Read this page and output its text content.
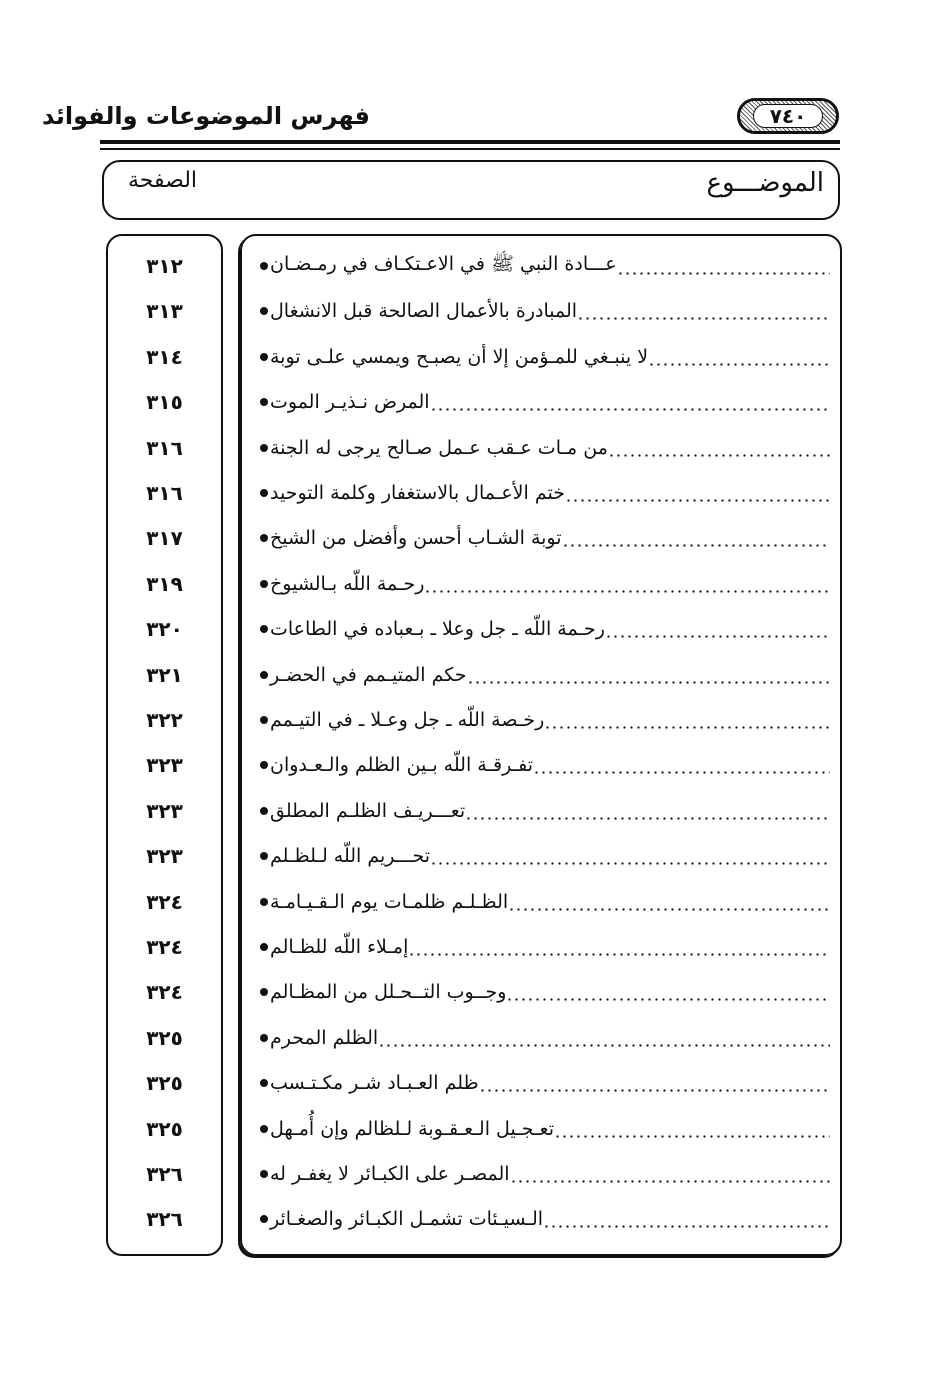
٧٤٠
فهرس الموضوعات والفوائد
الموضـــوع
الصفحة
عـــادة النبي ﷺ في الاعـتكـاف في رمـضـان
٣١٢
المبادرة بالأعمال الصالحة قبل الانشغال
٣١٣
لا ينبـغي للمـؤمن إلا أن يصبـح ويمسي علـى توبة
٣١٤
المرض نـذيـر الموت
٣١٥
من مـات عـقب عـمل صـالح يرجى له الجنة
٣١٦
ختم الأعـمال بالاستغفار وكلمة التوحيد
٣١٦
توبة الشـاب أحسن وأفضل من الشيخ
٣١٧
رحـمة اللّه بـالشيوخ
٣١٩
رحـمة اللّه ـ جل وعلا ـ بـعباده في الطاعات
٣٢٠
حكم المتيـمم في الحضـر
٣٢١
رخـصة اللّه ـ جل وعـلا ـ في التيـمم
٣٢٢
تفـرقـة اللّه بـين الظلم والـعـدوان
٣٢٣
تعـــريـف الظلـم المطلق
٣٢٣
تحـــريم اللّه لـلظـلم
٣٢٣
الظـلـم ظلمـات يوم الـقـيـامـة
٣٢٤
إمـلاء اللّه للظـالم
٣٢٤
وجــوب التــحـلل من المظـالم
٣٢٤
الظلم المحرم
٣٢٥
ظلم العـبـاد شـر مكـتـسب
٣٢٥
تعـجـيل الـعـقـوبة لـلظالم وإن أُمـهل
٣٢٥
المصـر على الكبـائر لا يغفـر له
٣٢٦
الـسيـئات تشمـل الكبـائر والصغـائر
٣٢٦
